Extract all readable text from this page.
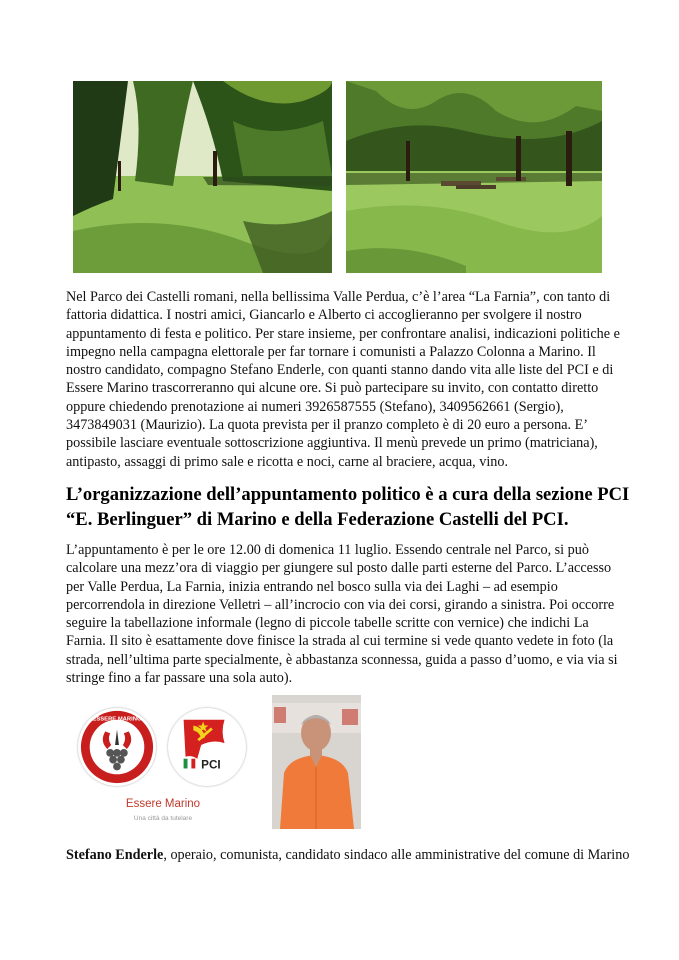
Nel Parco dei Castelli romani, nella bellissima Valle Perdua, c’è l’area “La Farnia”, con tanto di fattoria didattica. I nostri amici, Giancarlo e Alberto ci accoglieranno per svolgere il nostro appuntamento di festa e politico. Per stare insieme, per confrontare analisi, indicazioni politiche e impegno nella campagna elettorale per far tornare i comunisti a Palazzo Colonna a Marino. Il nostro candidato, compagno Stefano Enderle, con quanti stanno dando vita alle liste del PCI e di Essere Marino trascorreranno qui alcune ore. Si può partecipare su invito, con contatto diretto oppure chiedendo prenotazione ai numeri 3926587555 (Stefano), 3409562661 (Sergio), 3473849031 (Maurizio). La quota prevista per il pranzo completo è di 20 euro a persona. E’ possibile lasciare eventuale sottoscrizione aggiuntiva. Il menù prevede un primo (matriciana), antipasto, assaggi di primo sale e ricotta e noci, carne al braciere, acqua, vino.

L’organizzazione dell’appuntamento politico è a cura della sezione PCI “E. Berlinguer” di Marino e della Federazione Castelli del PCI.

L’appuntamento è per le ore 12.00 di domenica 11 luglio. Essendo centrale nel Parco, si può calcolare una mezz’ora di viaggio per giungere sul posto dalle parti esterne del Parco. L’accesso per Valle Perdua, La Farnia, inizia entrando nel bosco sulla via dei Laghi – ad esempio percorrendola in direzione Velletri – all’incrocio con via dei corsi, girando a sinistra. Poi occorre seguire la tabellazione informale (legno di piccole tabelle scritte con vernice) che indichi La Farnia. Il sito è esattamente dove finisce la strada al cui termine si vede quanto vedete in foto (la strada, nell’ultima parte specialmente, è abbastanza sconnessa, guida a passo d’uomo, e via via si stringe fino a far passare una sola auto).

ESSERE MARINO
PCI
Essere Marino
Una città da tutelare

Stefano Enderle, operaio, comunista, candidato sindaco alle amministrative del comune di Marino
